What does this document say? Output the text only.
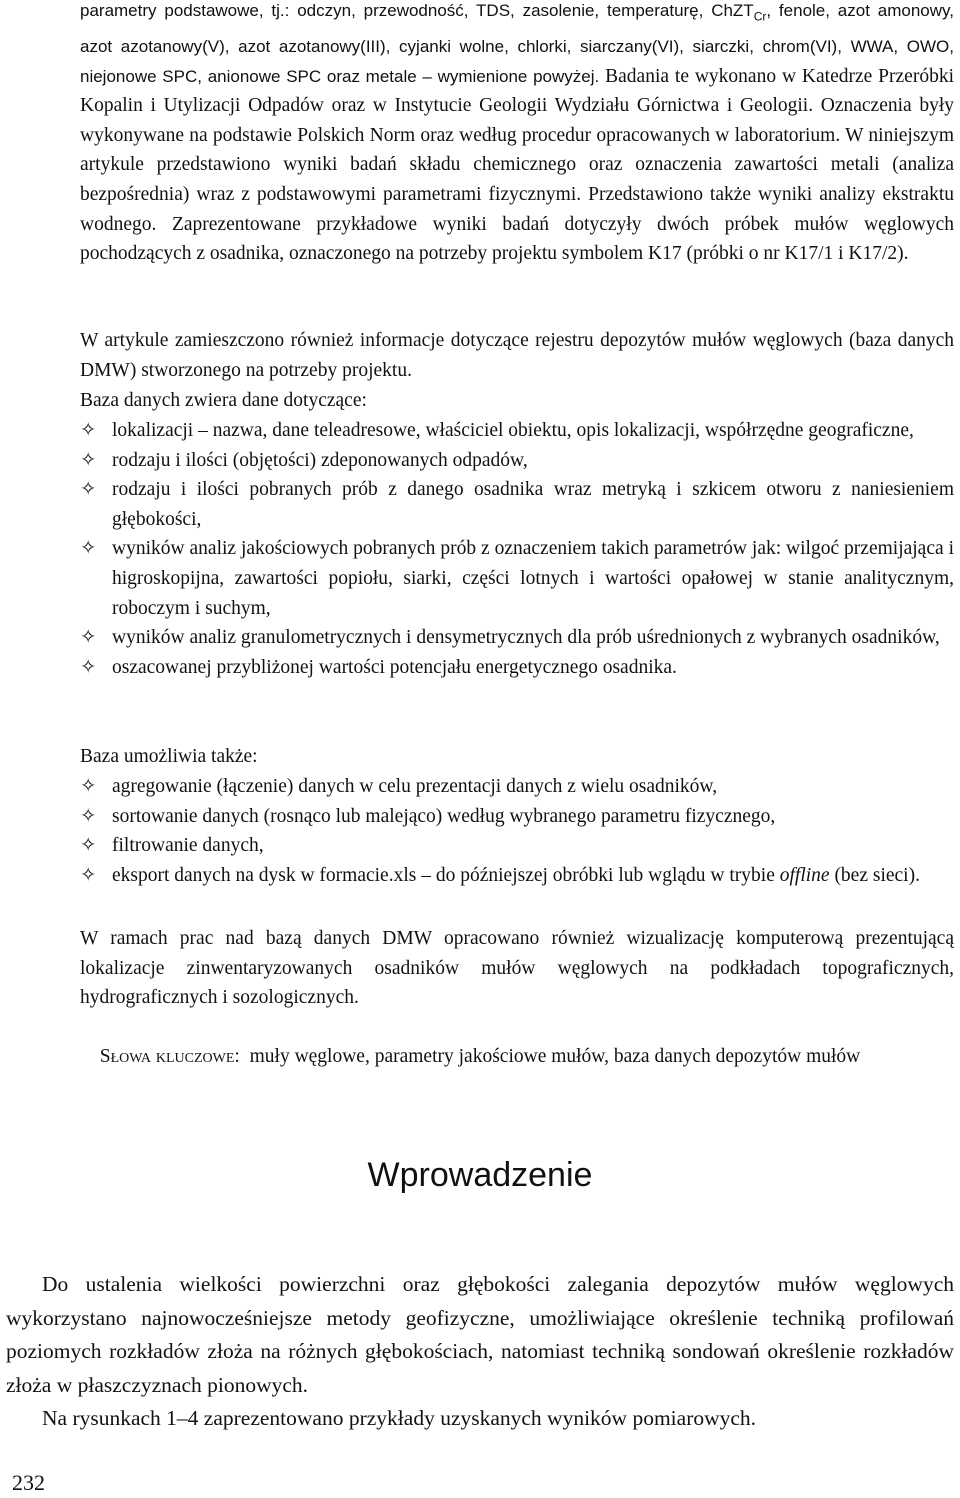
parametry podstawowe, tj.: odczyn, przewodność, TDS, zasolenie, temperaturę, ChZT$_{Cr}$, fenole, azot amonowy, azot azotanowy(V), azot azotanowy(III), cyjanki wolne, chlorki, siarczany(VI), siarczki, chrom(VI), WWA, OWO, niejonowe SPC, anionowe SPC oraz metale – wymienione powyżej. Badania te wykonano w Katedrze Przeróbki Kopalin i Utylizacji Odpadów oraz w Instytucie Geologii Wydziału Górnictwa i Geologii. Oznaczenia były wykonywane na podstawie Polskich Norm oraz według procedur opracowanych w laboratorium. W niniejszym artykule przedstawiono wyniki badań składu chemicznego oraz oznaczenia zawartości metali (analiza bezpośrednia) wraz z podstawowymi parametrami fizycznymi. Przedstawiono także wyniki analizy ekstraktu wodnego. Zaprezentowane przykładowe wyniki badań dotyczyły dwóch próbek mułów węglowych pochodzących z osadnika, oznaczonego na potrzeby projektu symbolem K17 (próbki o nr K17/1 i K17/2).
W artykule zamieszczono również informacje dotyczące rejestru depozytów mułów węglowych (baza danych DMW) stworzonego na potrzeby projektu.
Baza danych zwiera dane dotyczące:
✧ lokalizacji – nazwa, dane teleadresowe, właściciel obiektu, opis lokalizacji, współrzędne geograficzne,
✧ rodzaju i ilości (objętości) zdeponowanych odpadów,
✧ rodzaju i ilości pobranych prób z danego osadnika wraz metryką i szkicem otworu z naniesieniem głębokości,
✧ wyników analiz jakościowych pobranych prób z oznaczeniem takich parametrów jak: wilgoć przemijająca i higroskopijna, zawartości popiołu, siarki, części lotnych i wartości opałowej w stanie analitycznym, roboczym i suchym,
✧ wyników analiz granulometrycznych i densymetrycznych dla prób uśrednionych z wybranych osadników,
✧ oszacowanej przybliżonej wartości potencjału energetycznego osadnika.
Baza umożliwia także:
✧ agregowanie (łączenie) danych w celu prezentacji danych z wielu osadników,
✧ sortowanie danych (rosnąco lub malejąco) według wybranego parametru fizycznego,
✧ filtrowanie danych,
✧ eksport danych na dysk w formacie.xls – do późniejszej obróbki lub wglądu w trybie offline (bez sieci).
W ramach prac nad bazą danych DMW opracowano również wizualizację komputerową prezentującą lokalizacje zinwentaryzowanych osadników mułów węglowych na podkładach topograficznych, hydrograficznych i sozologicznych.
Słowa kluczowe: muły węglowe, parametry jakościowe mułów, baza danych depozytów mułów
Wprowadzenie

Do ustalenia wielkości powierzchni oraz głębokości zalegania depozytów mułów węglowych wykorzystano najnowocześniejsze metody geofizyczne, umożliwiające określenie techniką profilowań poziomych rozkładów złoża na różnych głębokościach, natomiast techniką sondowań określenie rozkładów złoża w płaszczyznach pionowych.

Na rysunkach 1–4 zaprezentowano przykłady uzyskanych wyników pomiarowych.

232
